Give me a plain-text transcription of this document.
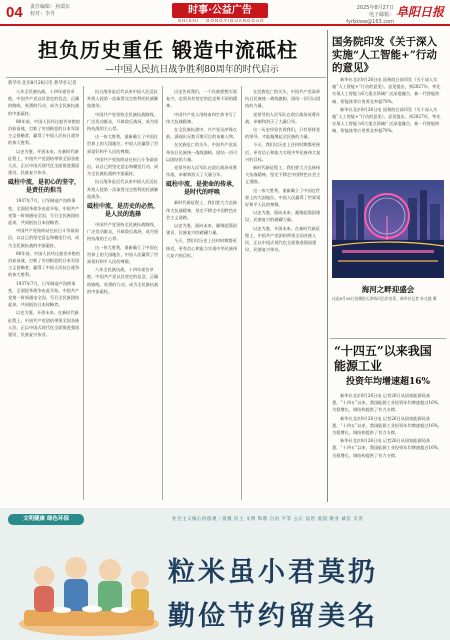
04 责任编辑：孙瑞东
校对：李丹	时事·公益广告
SHISHI · GONGYIGUANGGAO
2025年8月27日
电子邮箱：fyrbxww@163.com
阜阳日报
担负历史重任 锻造中流砥柱
—中国人民抗日战争胜利80周年的时代启示
新华社北京8月26日电 新华社记者

八年全民族抗战，十四年艰苦卓绝。中国共产党以其坚定的信念、正确的路线、英勇的行动，成为全民族抗战的中流砥柱。

80年前，中国人民经过艰苦卓绝的浴血奋战，打败了穷凶极恶的日本军国主义侵略者，赢得了中国人民抗日战争的伟大胜利。

以史为鉴，开创未来。在新时代新征程上，中国共产党团结带领全国各族人民，正以中国式现代化全面推进强国建设、民族复兴伟业。

砥柱中流，是初心的坚守，是责任的担当

1937年7月，日军制造卢沟桥事变，全面侵华战争由此开始。中国共产党第一时间通电全国，号召全民族团结起来，共同抵抗日本侵略者。

中国共产党始终站在抗日斗争最前沿，以自己的坚定意志和模范行动，成为全民族抗战的中流砥柱。

80年前，中国人民经过艰苦卓绝的浴血奋战，打败了穷凶极恶的日本军国主义侵略者，赢得了中国人民抗日战争的伟大胜利。

1937年7月，日军制造卢沟桥事变，全面侵华战争由此开始。中国共产党第一时间通电全国，号召全民族团结起来，共同抵抗日本侵略者。

以史为鉴，开创未来。在新时代新征程上，中国共产党团结带领全国各族人民，正以中国式现代化全面推进强国建设、民族复兴伟业。

抗日战争是近代以来中国人民反抗外敌入侵第一次取得完全胜利的民族解放战争。

中国共产党坚持全民族抗战路线，广泛发动群众，开辟敌后战场，成为坚持抗战的主心骨。

这一伟大胜利，重新确立了中国在世界上的大国地位，中国人民赢得了世界爱好和平人民的尊敬。

中国共产党始终站在抗日斗争最前沿，以自己的坚定意志和模范行动，成为全民族抗战的中流砥柱。

抗日战争是近代以来中国人民反抗外敌入侵第一次取得完全胜利的民族解放战争。

砥柱中流，是历史的必然，是人民的选择

中国共产党坚持全民族抗战路线，广泛发动群众，开辟敌后战场，成为坚持抗战的主心骨。

这一伟大胜利，重新确立了中国在世界上的大国地位，中国人民赢得了世界爱好和平人民的尊敬。

八年全民族抗战，十四年艰苦卓绝。中国共产党以其坚定的信念、正确的路线、英勇的行动，成为全民族抗战的中流砥柱。

历史告诉我们，一个民族要想实现复兴，必须具有坚定的信念和不屈的精神。

中国共产党人用鲜血和生命书写了伟大抗战精神。

在全民族抗战中，共产党员冲锋在前，涌现出无数可歌可泣的英雄人物。

在民族危亡的关头，中国共产党高举抗日民族统一战线旗帜，团结一切可以团结的力量。

党领导的人民军队在敌后战场英勇作战，牵制和消灭了大量日军。

砥柱中流，是使命的传承，是时代的呼唤

新时代新征程上，我们要大力弘扬伟大抗战精神，坚定不移走中国特色社会主义道路。

以史为鉴，面向未来，凝聚起强国建设、民族复兴的磅礴力量。

今天，我们比历史上任何时期都更接近、更有信心和能力实现中华民族伟大复兴的目标。

在民族危亡的关头，中国共产党高举抗日民族统一战线旗帜，团结一切可以团结的力量。

党领导的人民军队在敌后战场英勇作战，牵制和消灭了大量日军。

这一历史经验告诉我们，只有坚持党的领导，才能凝聚起全民族的力量。

今天，我们比历史上任何时期都更接近、更有信心和能力实现中华民族伟大复兴的目标。

新时代新征程上，我们要大力弘扬伟大抗战精神，坚定不移走中国特色社会主义道路。

这一伟大胜利，重新确立了中国在世界上的大国地位，中国人民赢得了世界爱好和平人民的尊敬。

以史为鉴，面向未来，凝聚起强国建设、民族复兴的磅礴力量。

以史为鉴，开创未来。在新时代新征程上，中国共产党团结带领全国各族人民，正以中国式现代化全面推进强国建设、民族复兴伟业。

国务院印发《关于深入实施“人工智能+”行动的意见》

新华社北京8月26日电 国务院日前印发《关于深入实施“人工智能+”行动的意见》。意见提出，到2027年，率先实现人工智能与6大重点领域广泛深度融合，新一代智能终端、智能体等应用普及率超70%。

新华社北京8月26日电 国务院日前印发《关于深入实施“人工智能+”行动的意见》。意见提出，到2027年，率先实现人工智能与6大重点领域广泛深度融合，新一代智能终端、智能体等应用普及率超70%。

海河之畔迎盛会
这是8月26日拍摄的天津海河沿岸夜景。新华社记者 孙凡越 摄
“十四五”以来我国能源工业
投资年均增速超16%

新华社北京8月26日电 记者26日从国家能源局获悉，“十四五”以来，我国能源工业投资年均增速超过16%，为稳增长、调结构提供了有力支撑。

新华社北京8月26日电 记者26日从国家能源局获悉，“十四五”以来，我国能源工业投资年均增速超过16%，为稳增长、调结构提供了有力支撑。

新华社北京8月26日电 记者26日从国家能源局获悉，“十四五”以来，我国能源工业投资年均增速超过16%，为稳增长、调结构提供了有力支撑。

文明健康 绿色环保	社会主义核心价值观｜富强 民主 文明 和谐 自由 平等 公正 法治 爱国 敬业 诚信 友善
粒米虽小君莫扔
勤俭节约留美名
